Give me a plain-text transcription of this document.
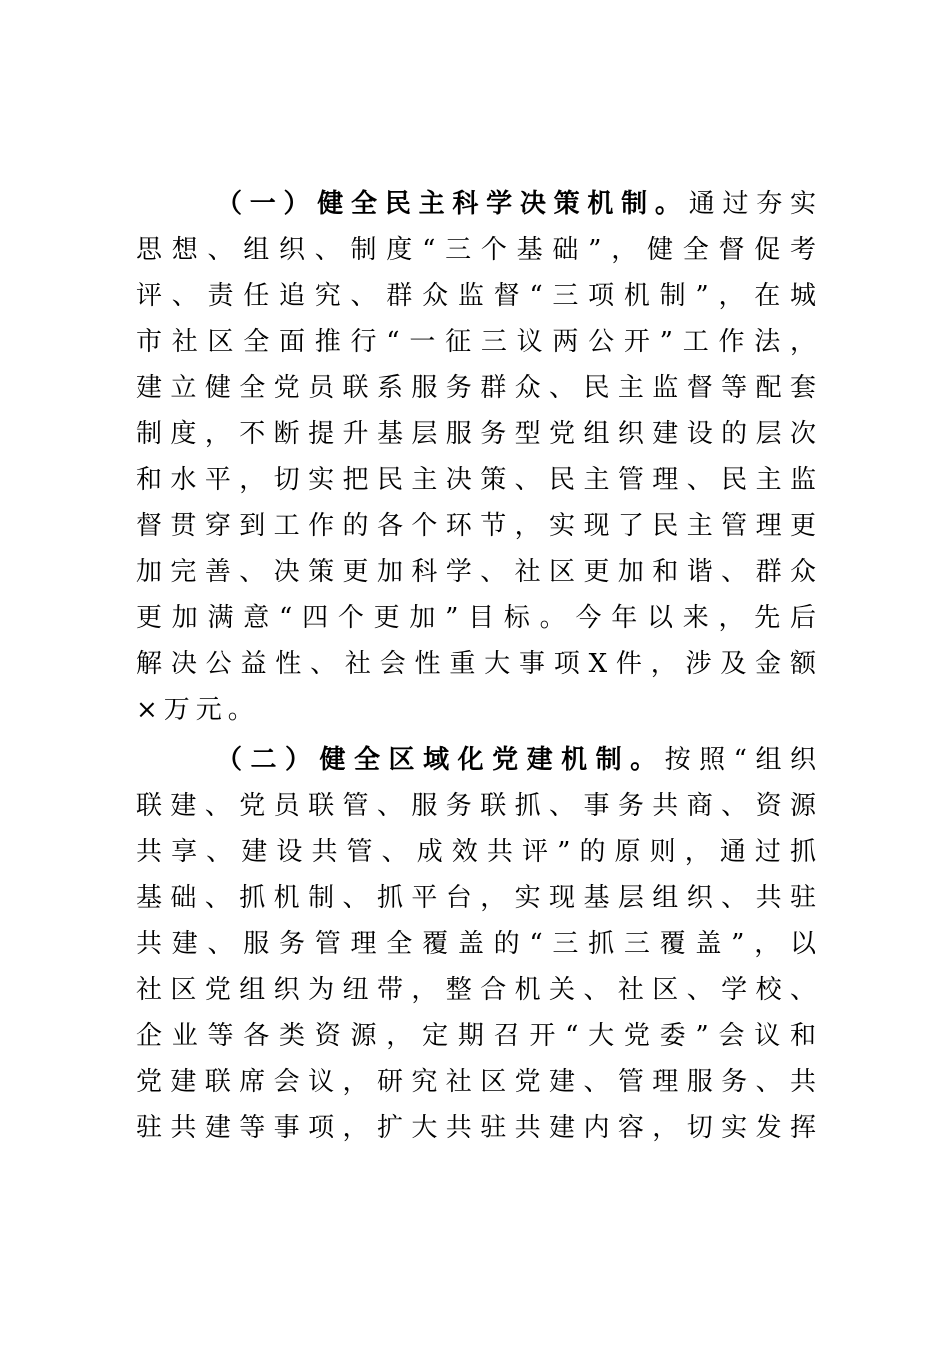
（一）健全民主科学决策机制。通过夯实
思想、组织、制度“三个基础”，健全督促考
评、责任追究、群众监督“三项机制”，在城
市社区全面推行“一征三议两公开”工作法，
建立健全党员联系服务群众、民主监督等配套
制度，不断提升基层服务型党组织建设的层次
和水平，切实把民主决策、民主管理、民主监
督贯穿到工作的各个环节，实现了民主管理更
加完善、决策更加科学、社区更加和谐、群众
更加满意“四个更加”目标。今年以来，先后
解决公益性、社会性重大事项X件，涉及金额
×万元。
（二）健全区域化党建机制。按照“组织
联建、党员联管、服务联抓、事务共商、资源
共享、建设共管、成效共评”的原则，通过抓
基础、抓机制、抓平台，实现基层组织、共驻
共建、服务管理全覆盖的“三抓三覆盖”，以
社区党组织为纽带，整合机关、社区、学校、
企业等各类资源，定期召开“大党委”会议和
党建联席会议，研究社区党建、管理服务、共
驻共建等事项，扩大共驻共建内容，切实发挥
